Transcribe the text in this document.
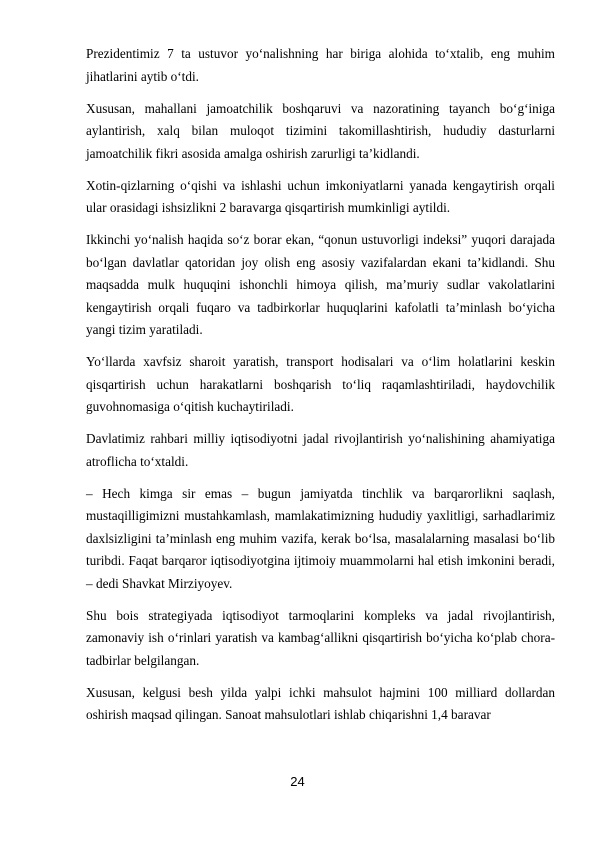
Prezidentimiz 7 ta ustuvor yo‘nalishning har biriga alohida to‘xtalib, eng muhim jihatlarini aytib o‘tdi.

Xususan, mahallani jamoatchilik boshqaruvi va nazoratining tayanch bo‘g‘iniga aylantirish, xalq bilan muloqot tizimini takomillashtirish, hududiy dasturlarni jamoatchilik fikri asosida amalga oshirish zarurligi ta’kidlandi.

Xotin-qizlarning o‘qishi va ishlashi uchun imkoniyatlarni yanada kengaytirish orqali ular orasidagi ishsizlikni 2 baravarga qisqartirish mumkinligi aytildi.

Ikkinchi yo‘nalish haqida so‘z borar ekan, “qonun ustuvorligi indeksi” yuqori darajada bo‘lgan davlatlar qatoridan joy olish eng asosiy vazifalardan ekani ta’kidlandi. Shu maqsadda mulk huquqini ishonchli himoya qilish, ma’muriy sudlar vakolatlarini kengaytirish orqali fuqaro va tadbirkorlar huquqlarini kafolatli ta’minlash bo‘yicha yangi tizim yaratiladi.

Yo‘llarda xavfsiz sharoit yaratish, transport hodisalari va o‘lim holatlarini keskin qisqartirish uchun harakatlarni boshqarish to‘liq raqamlashtiriladi, haydovchilik guvohnomasiga o‘qitish kuchaytiriladi.

Davlatimiz rahbari milliy iqtisodiyotni jadal rivojlantirish yo‘nalishining ahamiyatiga atroflicha to‘xtaldi.

– Hech kimga sir emas – bugun jamiyatda tinchlik va barqarorlikni saqlash, mustaqilligimizni mustahkamlash, mamlakatimizning hududiy yaxlitligi, sarhadlarimiz daxlsizligini ta’minlash eng muhim vazifa, kerak bo‘lsa, masalalarning masalasi bo‘lib turibdi. Faqat barqaror iqtisodiyotgina ijtimoiy muammolarni hal etish imkonini beradi, – dedi Shavkat Mirziyoyev.

Shu bois strategiyada iqtisodiyot tarmoqlarini kompleks va jadal rivojlantirish, zamonaviy ish o‘rinlari yaratish va kambag‘allikni qisqartirish bo‘yicha ko‘plab chora-tadbirlar belgilangan.

Xususan, kelgusi besh yilda yalpi ichki mahsulot hajmini 100 milliard dollardan oshirish maqsad qilingan. Sanoat mahsulotlari ishlab chiqarishni 1,4 baravar

24
